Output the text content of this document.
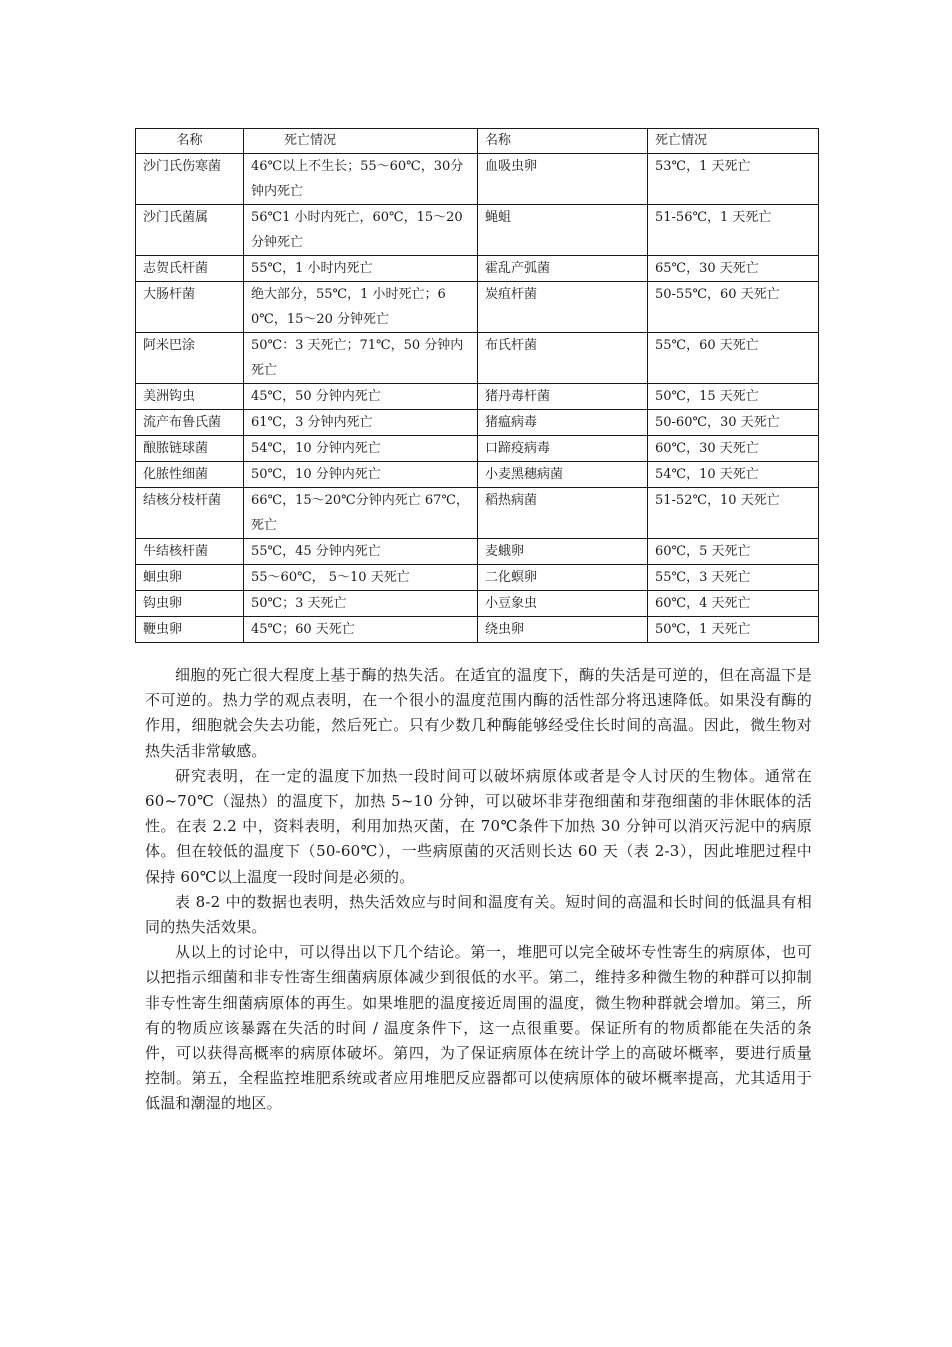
名称	死亡情况	名称	死亡情况
沙门氏伤寒菌	46℃以上不生长；55～60℃，30分钟内死亡	血吸虫卵	53℃，1 天死亡
沙门氏菌属	56℃1 小时内死亡，60℃，15～20分钟死亡	蝇蛆	51-56℃，1 天死亡
志贺氏杆菌	55℃，1 小时内死亡	霍乱产弧菌	65℃，30 天死亡
大肠杆菌	绝大部分，55℃，1 小时死亡；60℃，15～20 分钟死亡	炭疽杆菌	50-55℃，60 天死亡
阿米巴涂	50℃：3 天死亡；71℃，50 分钟内死亡	布氏杆菌	55℃，60 天死亡
美洲钩虫	45℃，50 分钟内死亡	猪丹毒杆菌	50℃，15 天死亡
流产布鲁氏菌	61℃，3 分钟内死亡	猪瘟病毒	50-60℃，30 天死亡
酿脓链球菌	54℃，10 分钟内死亡	口蹄疫病毒	60℃，30 天死亡
化脓性细菌	50℃，10 分钟内死亡	小麦黑穗病菌	54℃，10 天死亡
结核分枝杆菌	66℃，15～20℃分钟内死亡 67℃，死亡	稻热病菌	51-52℃，10 天死亡
牛结核杆菌	55℃，45 分钟内死亡	麦蛾卵	60℃，5 天死亡
蛔虫卵	55～60℃， 5～10 天死亡	二化螟卵	55℃，3 天死亡
钩虫卵	50℃；3 天死亡	小豆象虫	60℃，4 天死亡
鞭虫卵	45℃；60 天死亡	绕虫卵	50℃，1 天死亡

细胞的死亡很大程度上基于酶的热失活。在适宜的温度下，酶的失活是可逆的，但在高温下是不可逆的。热力学的观点表明，在一个很小的温度范围内酶的活性部分将迅速降低。如果没有酶的作用，细胞就会失去功能，然后死亡。只有少数几种酶能够经受住长时间的高温。因此，微生物对热失活非常敏感。

研究表明，在一定的温度下加热一段时间可以破坏病原体或者是令人讨厌的生物体。通常在 60~70℃（湿热）的温度下，加热 5~10 分钟，可以破坏非芽孢细菌和芽孢细菌的非休眠体的活性。在表 2.2 中，资料表明，利用加热灭菌，在 70℃条件下加热 30 分钟可以消灭污泥中的病原体。但在较低的温度下（50-60℃），一些病原菌的灭活则长达 60 天（表 2-3），因此堆肥过程中保持 60℃以上温度一段时间是必须的。

表 8-2 中的数据也表明，热失活效应与时间和温度有关。短时间的高温和长时间的低温具有相同的热失活效果。

从以上的讨论中，可以得出以下几个结论。第一，堆肥可以完全破坏专性寄生的病原体，也可以把指示细菌和非专性寄生细菌病原体减少到很低的水平。第二，维持多种微生物的种群可以抑制非专性寄生细菌病原体的再生。如果堆肥的温度接近周围的温度，微生物种群就会增加。第三，所有的物质应该暴露在失活的时间 / 温度条件下，这一点很重要。保证所有的物质都能在失活的条件，可以获得高概率的病原体破坏。第四，为了保证病原体在统计学上的高破坏概率，要进行质量控制。第五，全程监控堆肥系统或者应用堆肥反应器都可以使病原体的破坏概率提高，尤其适用于低温和潮湿的地区。
